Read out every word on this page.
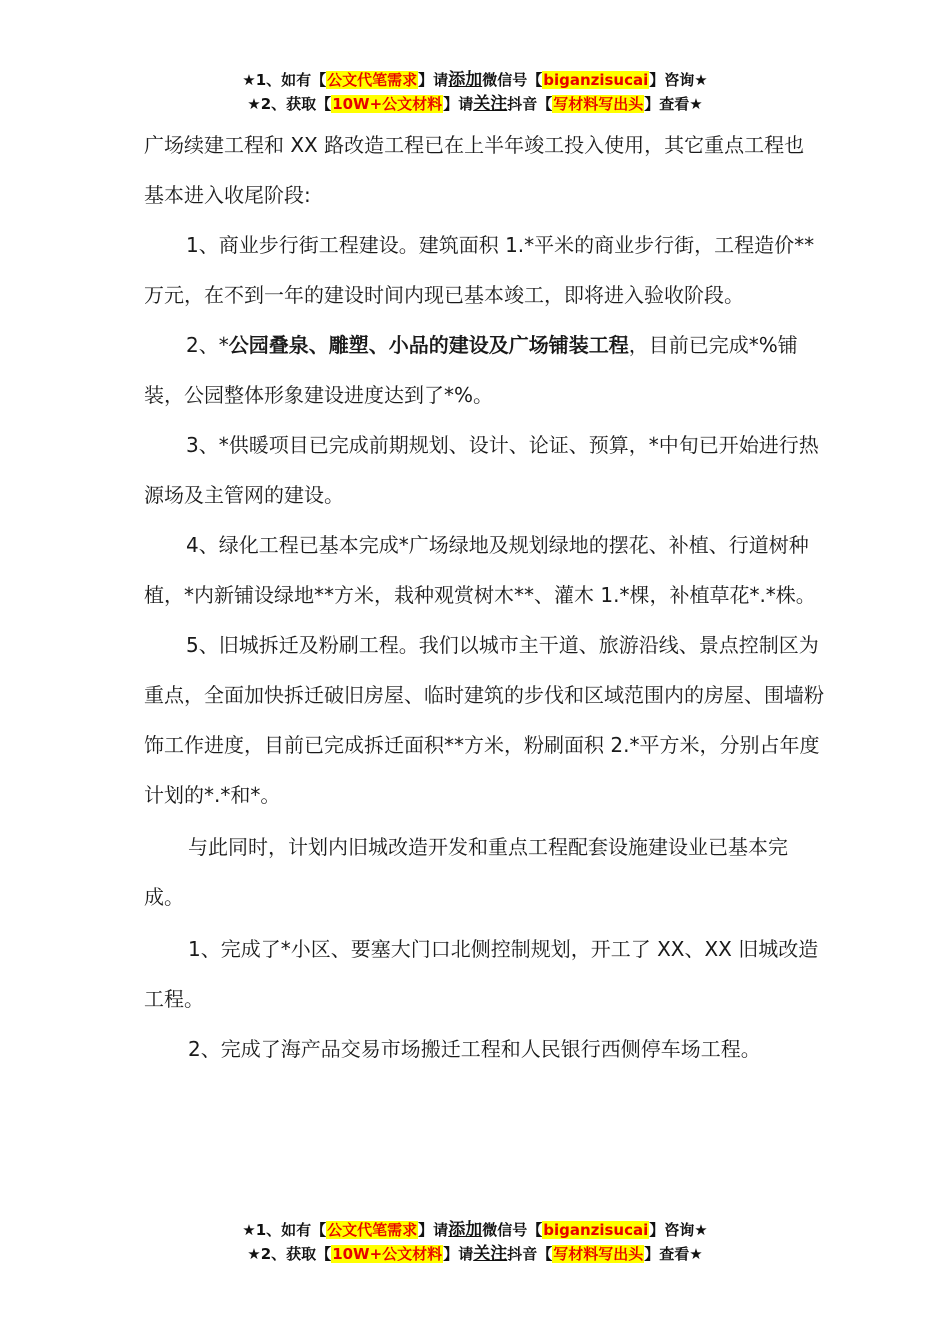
★1、如有【公文代笔需求】请添加微信号【biganzisucai】咨询★
★2、获取【10W+公文材料】请关注抖音【写材料写出头】查看★

广场续建工程和 XX 路改造工程已在上半年竣工投入使用，其它重点工程也基本进入收尾阶段:

1、商业步行街工程建设。建筑面积 1.*平米的商业步行街，工程造价**万元，在不到一年的建设时间内现已基本竣工，即将进入验收阶段。

2、*公园叠泉、雕塑、小品的建设及广场铺装工程，目前已完成*%铺装，公园整体形象建设进度达到了*%。

3、*供暖项目已完成前期规划、设计、论证、预算，*中旬已开始进行热源场及主管网的建设。

4、绿化工程已基本完成*广场绿地及规划绿地的摆花、补植、行道树种植，*内新铺设绿地**方米，栽种观赏树木**、灌木 1.*棵，补植草花*.*株。

5、旧城拆迁及粉刷工程。我们以城市主干道、旅游沿线、景点控制区为重点，全面加快拆迁破旧房屋、临时建筑的步伐和区域范围内的房屋、围墙粉饰工作进度，目前已完成拆迁面积**方米，粉刷面积 2.*平方米，分别占年度计划的*.*和*。

与此同时，计划内旧城改造开发和重点工程配套设施建设业已基本完成。

1、完成了*小区、要塞大门口北侧控制规划，开工了 XX、XX 旧城改造工程。

2、完成了海产品交易市场搬迁工程和人民银行西侧停车场工程。

★1、如有【公文代笔需求】请添加微信号【biganzisucai】咨询★
★2、获取【10W+公文材料】请关注抖音【写材料写出头】查看★
